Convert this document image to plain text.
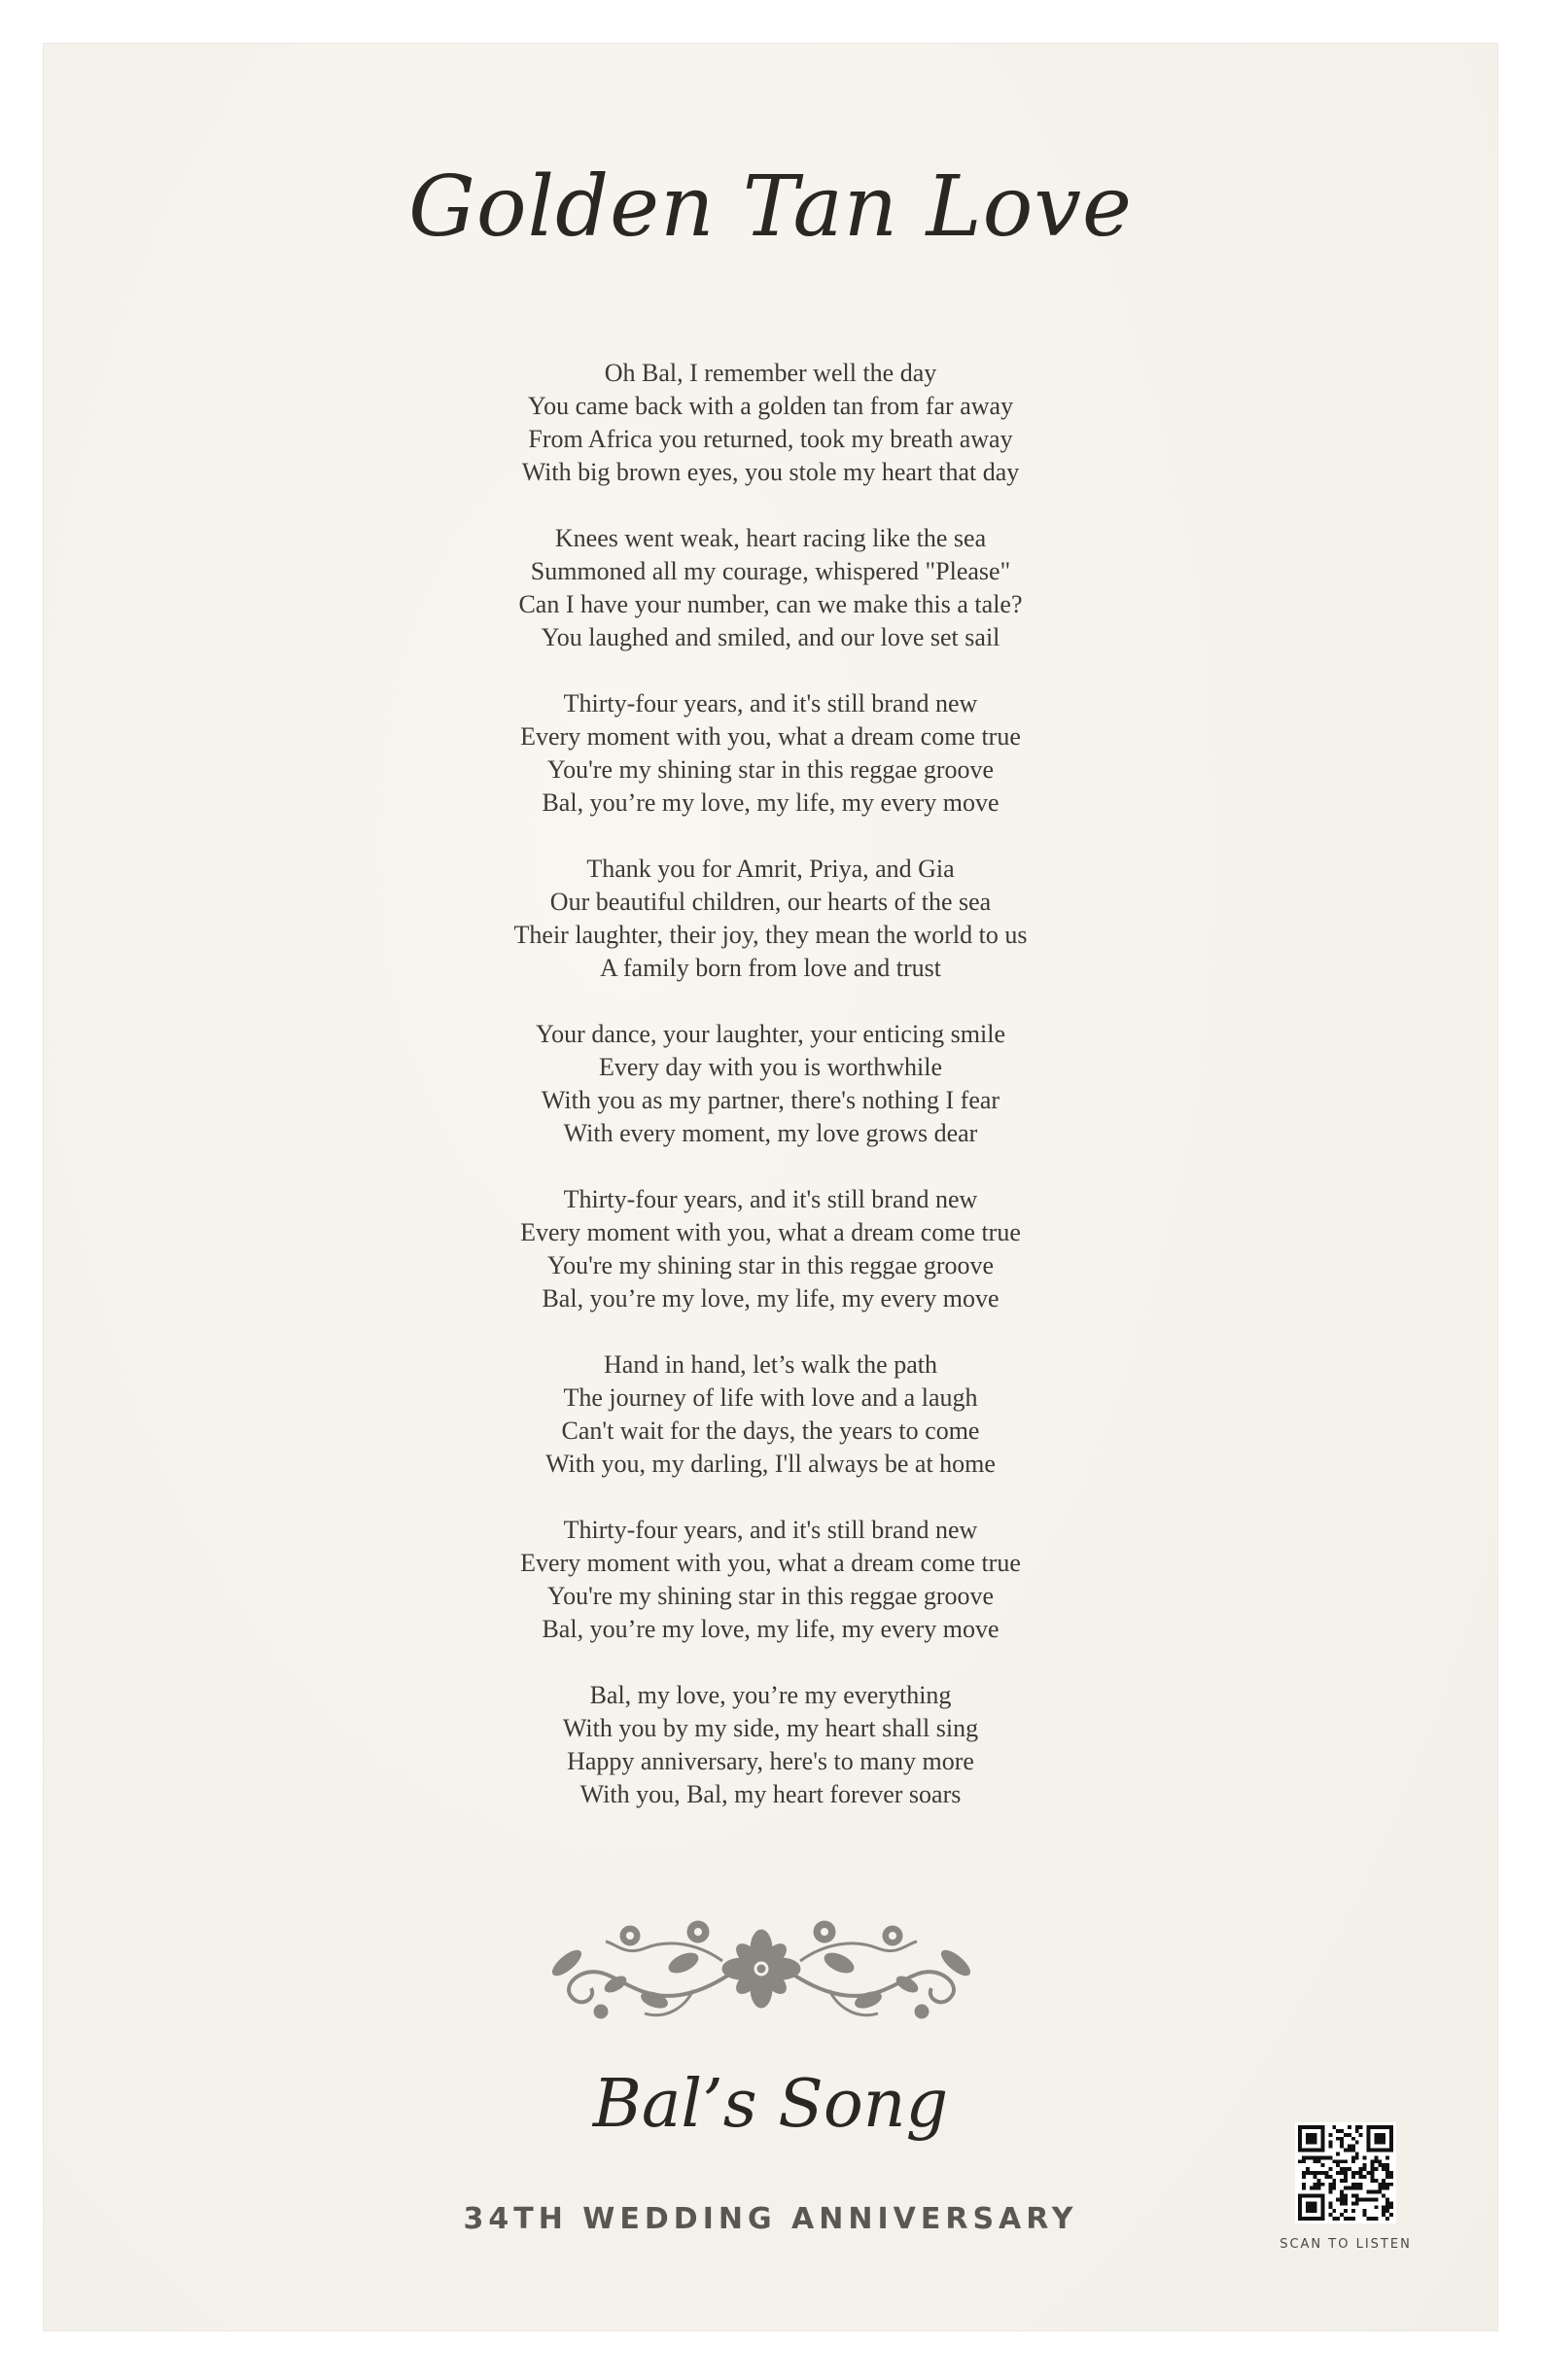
Golden Tan Love
Oh Bal, I remember well the day
You came back with a golden tan from far away
From Africa you returned, took my breath away
With big brown eyes, you stole my heart that day
Knees went weak, heart racing like the sea
Summoned all my courage, whispered "Please"
Can I have your number, can we make this a tale?
You laughed and smiled, and our love set sail
Thirty-four years, and it's still brand new
Every moment with you, what a dream come true
You're my shining star in this reggae groove
Bal, you’re my love, my life, my every move
Thank you for Amrit, Priya, and Gia
Our beautiful children, our hearts of the sea
Their laughter, their joy, they mean the world to us
A family born from love and trust
Your dance, your laughter, your enticing smile
Every day with you is worthwhile
With you as my partner, there's nothing I fear
With every moment, my love grows dear
Thirty-four years, and it's still brand new
Every moment with you, what a dream come true
You're my shining star in this reggae groove
Bal, you’re my love, my life, my every move
Hand in hand, let’s walk the path
The journey of life with love and a laugh
Can't wait for the days, the years to come
With you, my darling, I'll always be at home
Thirty-four years, and it's still brand new
Every moment with you, what a dream come true
You're my shining star in this reggae groove
Bal, you’re my love, my life, my every move
Bal, my love, you’re my everything
With you by my side, my heart shall sing
Happy anniversary, here's to many more
With you, Bal, my heart forever soars
Bal’s Song
34TH WEDDING ANNIVERSARY
SCAN TO LISTEN
